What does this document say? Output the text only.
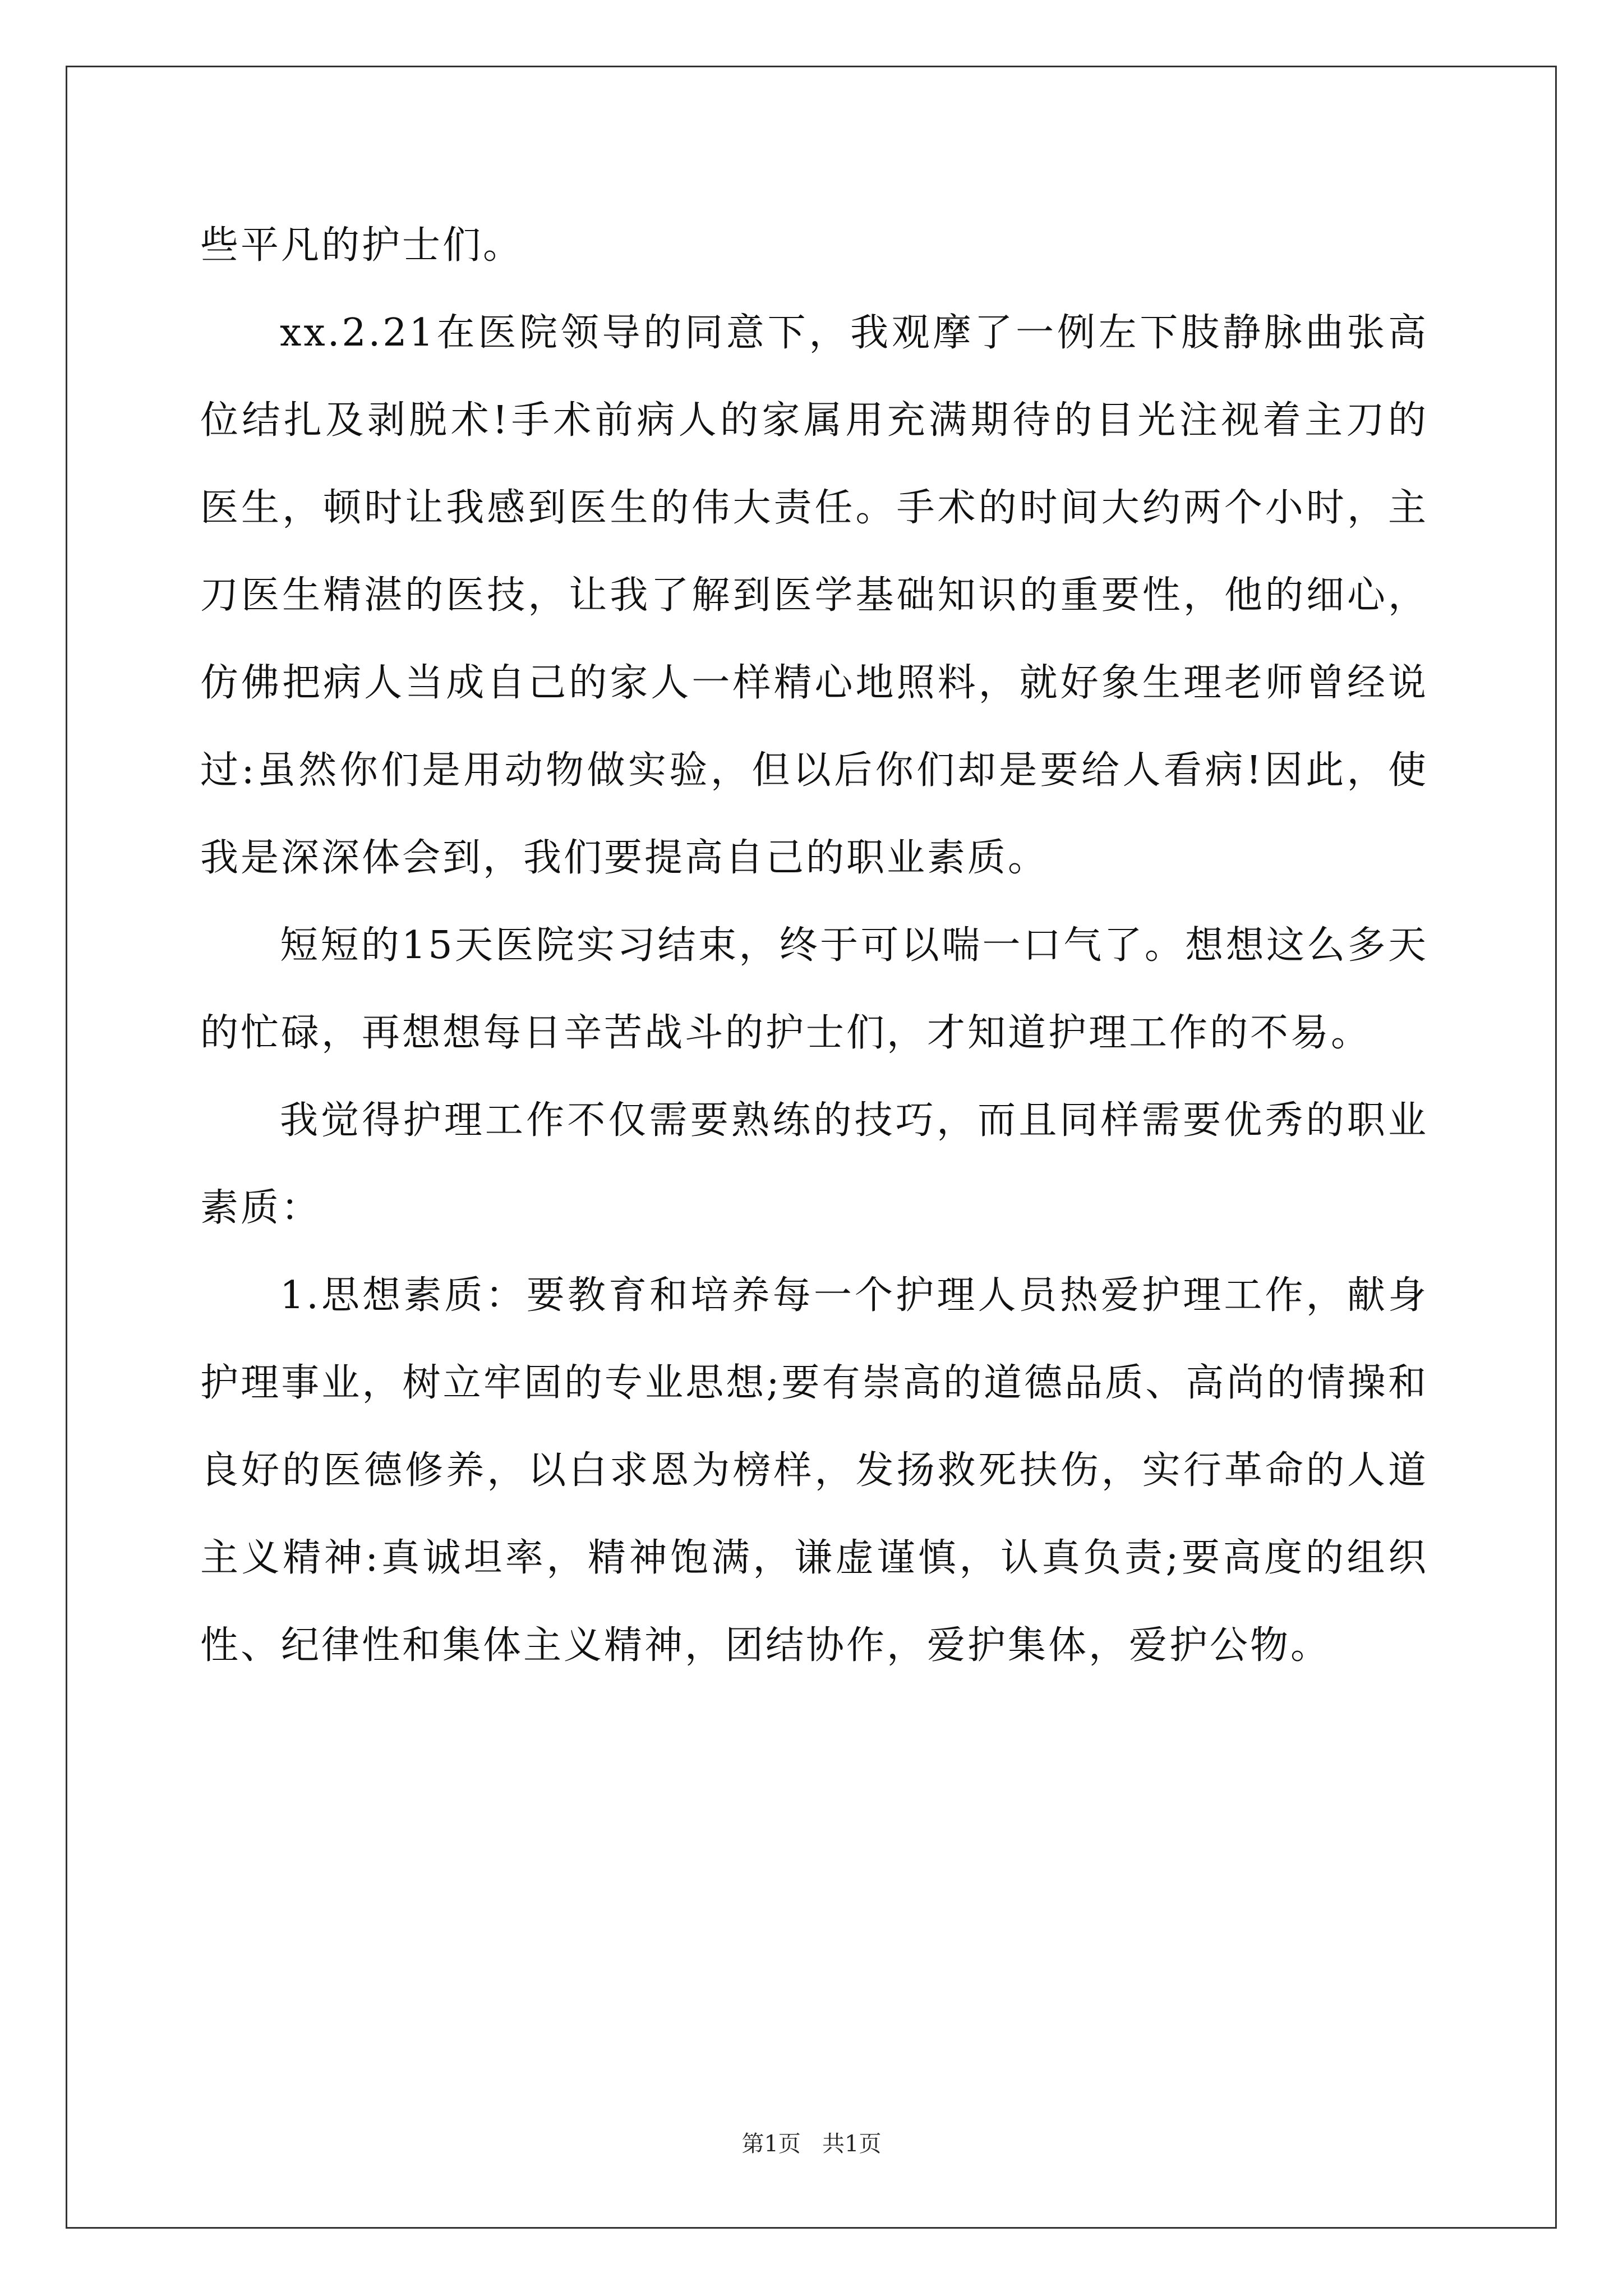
些平凡的护士们。

xx.2.21在医院领导的同意下，我观摩了一例左下肢静脉曲张高位结扎及剥脱术!手术前病人的家属用充满期待的目光注视着主刀的医生，顿时让我感到医生的伟大责任。手术的时间大约两个小时，主刀医生精湛的医技，让我了解到医学基础知识的重要性，他的细心，仿佛把病人当成自己的家人一样精心地照料，就好象生理老师曾经说过:虽然你们是用动物做实验，但以后你们却是要给人看病!因此，使我是深深体会到，我们要提高自己的职业素质。

短短的15天医院实习结束，终于可以喘一口气了。想想这么多天的忙碌，再想想每日辛苦战斗的护士们，才知道护理工作的不易。

我觉得护理工作不仅需要熟练的技巧，而且同样需要优秀的职业素质：

1.思想素质：要教育和培养每一个护理人员热爱护理工作，献身护理事业，树立牢固的专业思想;要有崇高的道德品质、高尚的情操和良好的医德修养，以白求恩为榜样，发扬救死扶伤，实行革命的人道主义精神:真诚坦率，精神饱满，谦虚谨慎，认真负责;要高度的组织性、纪律性和集体主义精神，团结协作，爱护集体，爱护公物。

第1页   共1页
